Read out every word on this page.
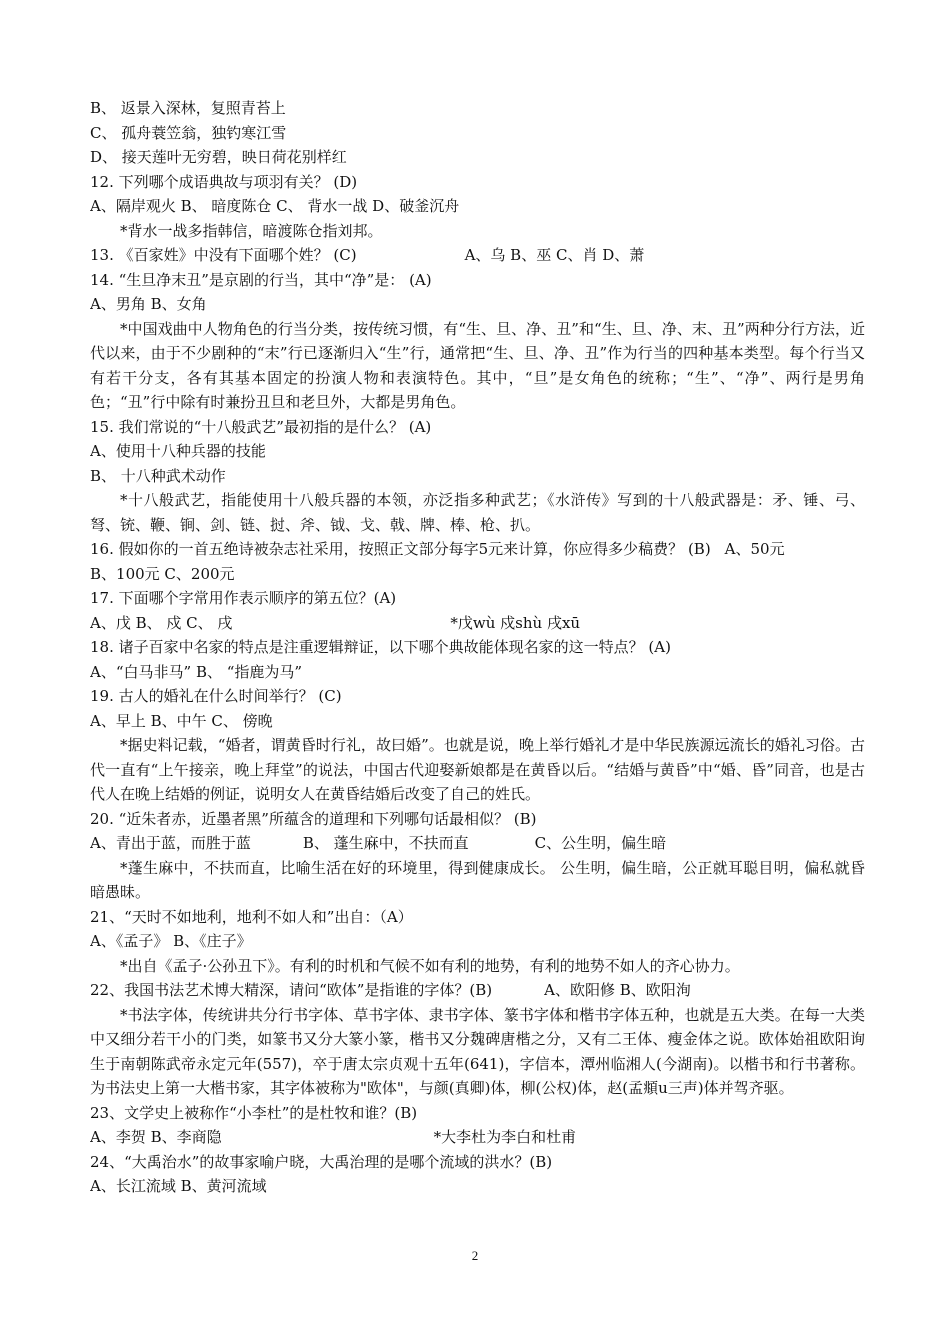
B、 返景入深林，复照青苔上
C、 孤舟蓑笠翁，独钓寒江雪
D、 接天莲叶无穷碧，映日荷花别样红
12. 下列哪个成语典故与项羽有关？ (D)
A、隔岸观火 B、 暗度陈仓 C、 背水一战 D、破釜沉舟
*背水一战多指韩信，暗渡陈仓指刘邦。
13. 《百家姓》中没有下面哪个姓？ (C)	A、乌 B、巫 C、肖 D、萧
14. “生旦净末丑”是京剧的行当，其中“净”是： (A)
A、男角 B、女角
*中国戏曲中人物角色的行当分类，按传统习惯，有“生、旦、净、丑”和“生、旦、净、末、丑”两种分行方法，近代以来，由于不少剧种的“末”行已逐渐归入“生”行，通常把“生、旦、净、丑”作为行当的四种基本类型。每个行当又有若干分支，各有其基本固定的扮演人物和表演特色。其中，“旦”是女角色的统称；“生”、“净”、两行是男角色；“丑”行中除有时兼扮丑旦和老旦外，大都是男角色。
15. 我们常说的“十八般武艺”最初指的是什么？ (A)
A、使用十八种兵器的技能
B、 十八种武术动作
*十八般武艺，指能使用十八般兵器的本领，亦泛指多种武艺；《水浒传》写到的十八般武器是：矛、锤、弓、弩、铳、鞭、锏、剑、链、挝、斧、钺、戈、戟、牌、棒、枪、扒。
16. 假如你的一首五绝诗被杂志社采用，按照正文部分每字5元来计算，你应得多少稿费？ (B) A、50元
B、100元 C、200元
17. 下面哪个字常用作表示顺序的第五位？(A)
A、戊 B、 戍 C、 戌	*戊wù 戍shù 戌xū
18. 诸子百家中名家的特点是注重逻辑辩证，以下哪个典故能体现名家的这一特点？ (A)
A、“白马非马” B、 “指鹿为马”
19. 古人的婚礼在什么时间举行？ (C)
A、早上 B、中午 C、 傍晚
*据史料记载，“婚者，谓黄昏时行礼，故曰婚”。也就是说，晚上举行婚礼才是中华民族源远流长的婚礼习俗。古代一直有“上午接亲，晚上拜堂”的说法，中国古代迎娶新娘都是在黄昏以后。“结婚与黄昏”中“婚、昏”同音，也是古代人在晚上结婚的例证，说明女人在黄昏结婚后改变了自己的姓氏。
20. “近朱者赤，近墨者黑”所蕴含的道理和下列哪句话最相似？ (B)
A、青出于蓝，而胜于蓝	B、 蓬生麻中，不扶而直	C、公生明，偏生暗
*蓬生麻中，不扶而直，比喻生活在好的环境里，得到健康成长。 公生明，偏生暗，公正就耳聪目明，偏私就昏暗愚昧。
21、“天时不如地利，地利不如人和”出自：（A）
A、《孟子》 B、《庄子》
*出自《孟子·公孙丑下》。有利的时机和气候不如有利的地势，有利的地势不如人的齐心协力。
22、我国书法艺术博大精深，请问“欧体”是指谁的字体？(B)	A、欧阳修 B、欧阳洵
*书法字体，传统讲共分行书字体、草书字体、隶书字体、篆书字体和楷书字体五种，也就是五大类。在每一大类中又细分若干小的门类，如篆书又分大篆小篆，楷书又分魏碑唐楷之分，又有二王体、瘦金体之说。欧体始祖欧阳询生于南朝陈武帝永定元年(557)，卒于唐太宗贞观十五年(641)，字信本，潭州临湘人(今湖南)。以楷书和行书著称。为书法史上第一大楷书家，其字体被称为"欧体"，与颜(真卿)体，柳(公权)体，赵(孟頫u三声)体并驾齐驱。
23、文学史上被称作“小李杜”的是杜牧和谁？(B)
A、李贺 B、李商隐	*大李杜为李白和杜甫
24、“大禹治水”的故事家喻户晓，大禹治理的是哪个流域的洪水？(B)
A、长江流域 B、黄河流域
2
